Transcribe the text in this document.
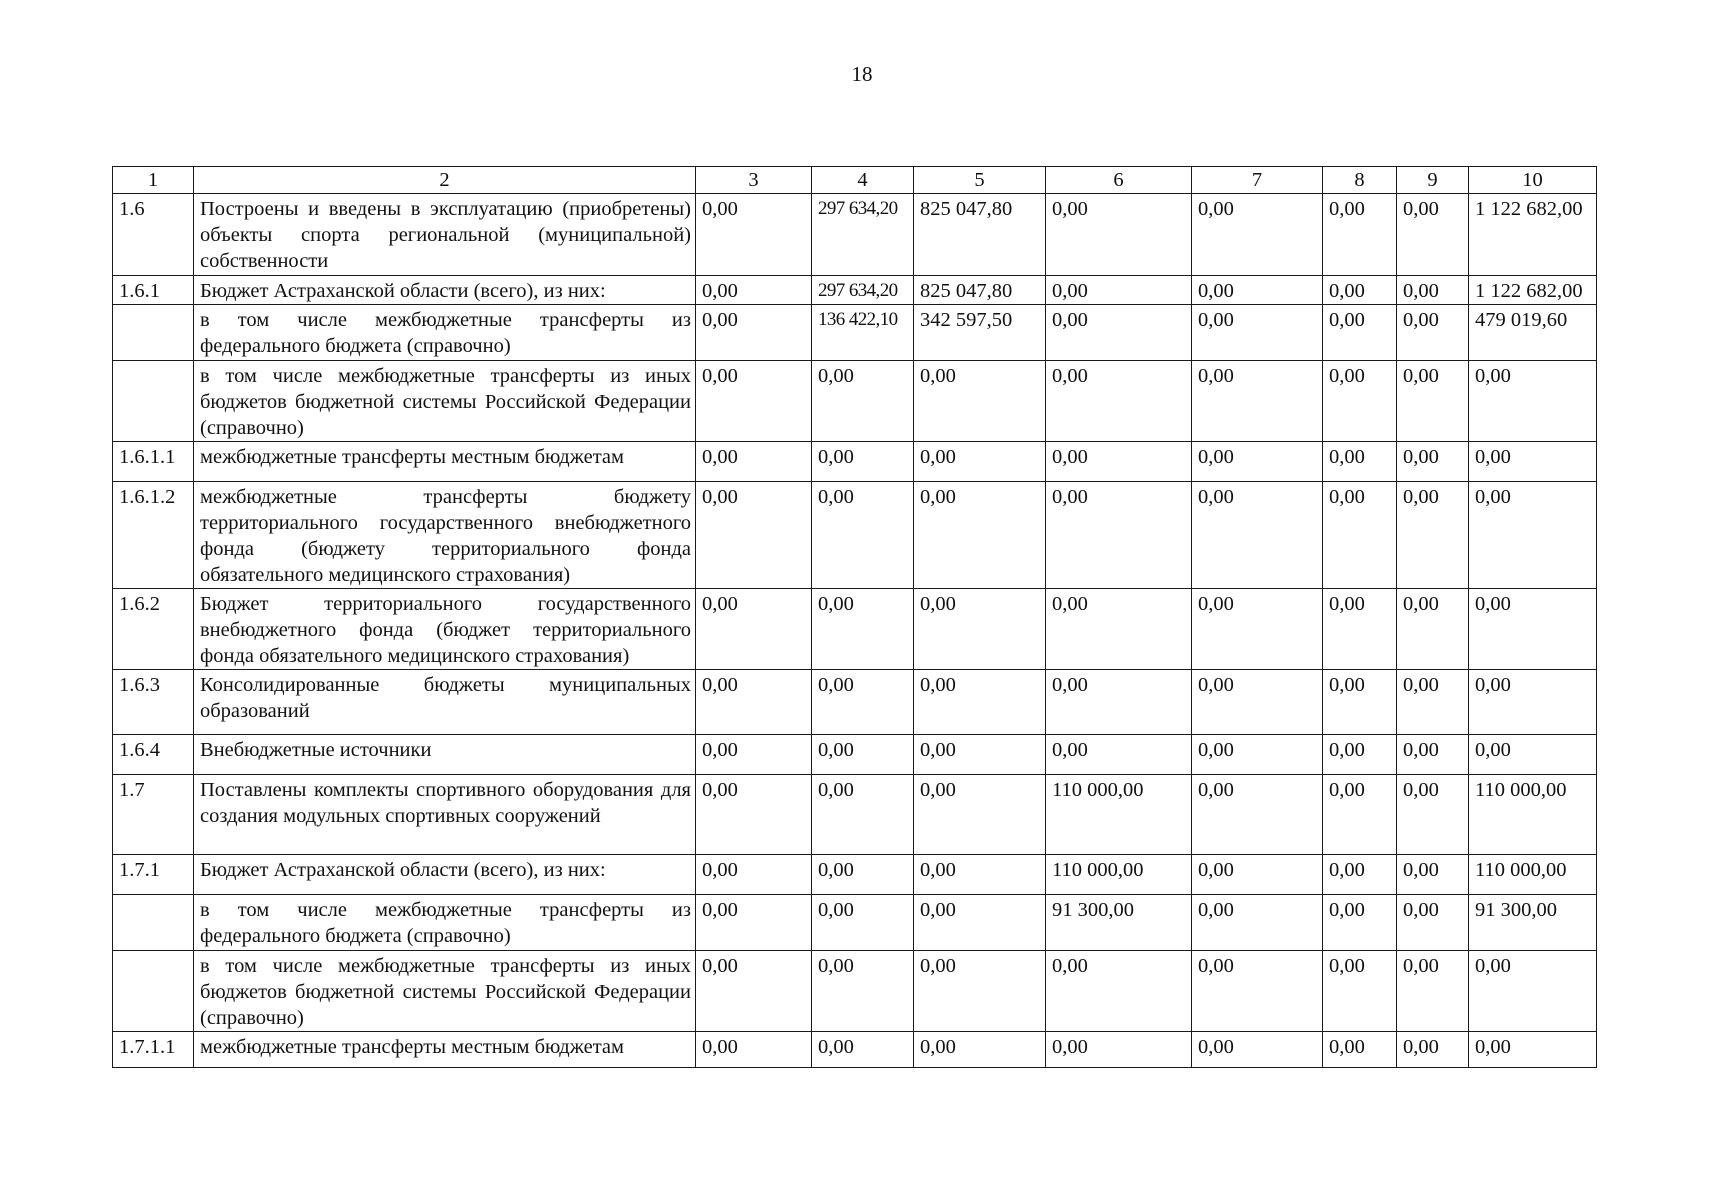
18
1	2	3	4	5	6	7	8	9	10
1.6	Построены и введены в эксплуатацию (приобретены) объекты спорта региональной (муниципальной) собственности	0,00	297 634,20	825 047,80	0,00	0,00	0,00	0,00	1 122 682,00
1.6.1	Бюджет Астраханской области (всего), из них:	0,00	297 634,20	825 047,80	0,00	0,00	0,00	0,00	1 122 682,00
	в том числе межбюджетные трансферты из федерального бюджета (справочно)	0,00	136 422,10	342 597,50	0,00	0,00	0,00	0,00	479 019,60
	в том числе межбюджетные трансферты из иных бюджетов бюджетной системы Российской Федерации (справочно)	0,00	0,00	0,00	0,00	0,00	0,00	0,00	0,00
1.6.1.1	межбюджетные трансферты местным бюджетам	0,00	0,00	0,00	0,00	0,00	0,00	0,00	0,00
1.6.1.2	межбюджетные трансферты бюджету территориального государственного внебюджетного фонда (бюджету территориального фонда обязательного медицинского страхования)	0,00	0,00	0,00	0,00	0,00	0,00	0,00	0,00
1.6.2	Бюджет территориального государственного внебюджетного фонда (бюджет территориального фонда обязательного медицинского страхования)	0,00	0,00	0,00	0,00	0,00	0,00	0,00	0,00
1.6.3	Консолидированные бюджеты муниципальных образований	0,00	0,00	0,00	0,00	0,00	0,00	0,00	0,00
1.6.4	Внебюджетные источники	0,00	0,00	0,00	0,00	0,00	0,00	0,00	0,00
1.7	Поставлены комплекты спортивного оборудования для создания модульных спортивных сооружений	0,00	0,00	0,00	110 000,00	0,00	0,00	0,00	110 000,00
1.7.1	Бюджет Астраханской области (всего), из них:	0,00	0,00	0,00	110 000,00	0,00	0,00	0,00	110 000,00
	в том числе межбюджетные трансферты из федерального бюджета (справочно)	0,00	0,00	0,00	91 300,00	0,00	0,00	0,00	91 300,00
	в том числе межбюджетные трансферты из иных бюджетов бюджетной системы Российской Федерации (справочно)	0,00	0,00	0,00	0,00	0,00	0,00	0,00	0,00
1.7.1.1	межбюджетные трансферты местным бюджетам	0,00	0,00	0,00	0,00	0,00	0,00	0,00	0,00
